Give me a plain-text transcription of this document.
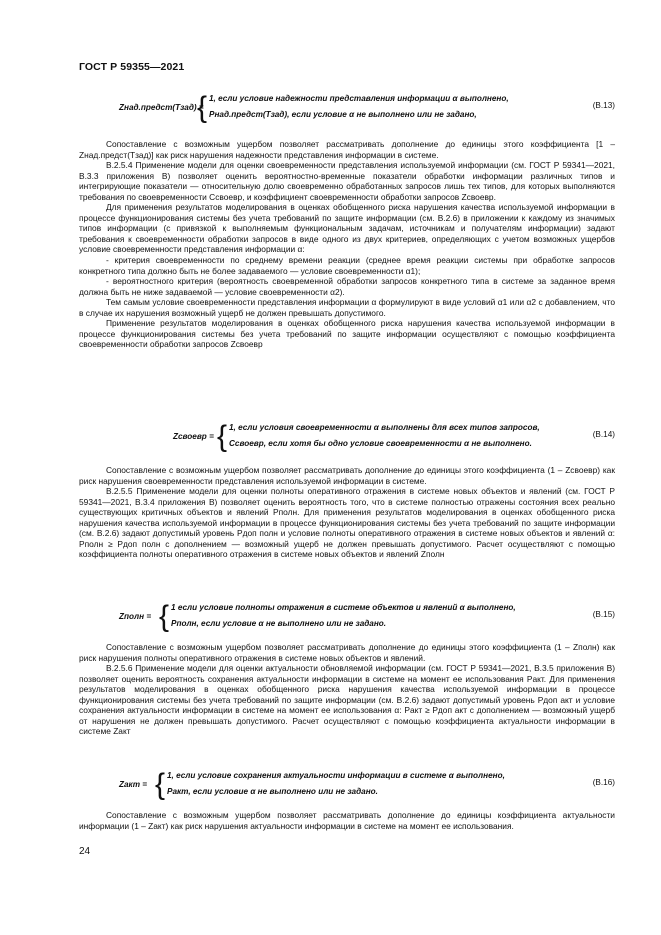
ГОСТ Р 59355—2021
Zнад.предст(Tзад) =
{ 1, если условие надежности представления информации α выполнено,
Pнад.предст(Tзад), если условие α не выполнено или не задано,
(В.13)

Сопоставление с возможным ущербом позволяет рассматривать дополнение до единицы этого коэффициента [1 – Zнад.предст(Tзад)] как риск нарушения надежности представления информации в системе.

В.2.5.4 Применение модели для оценки своевременности представления используемой информации (см. ГОСТ Р 59341—2021, В.3.3 приложения В) позволяет оценить вероятностно-временные показатели обработки информации различных типов и интегрирующие показатели — относительную долю своевременно обработанных запросов лишь тех типов, для которых выполняются требования по своевременности Cсвоевр, и коэффициент своевременности обработки запросов Zсвоевр.

Для применения результатов моделирования в оценках обобщенного риска нарушения качества используемой информации в процессе функционирования системы без учета требований по защите информации (см. В.2.6) в приложении к каждому из значимых типов информации (с привязкой к выполняемым функциональным задачам, источникам и получателям информации) задают требования к своевременности обработки запросов в виде одного из двух критериев, определяющих с учетом возможных ущербов условие своевременности представления информации α:

- критерия своевременности по среднему времени реакции (среднее время реакции системы при обработке запросов конкретного типа должно быть не более задаваемого — условие своевременности α1);

- вероятностного критерия (вероятность своевременной обработки запросов конкретного типа в системе за заданное время должна быть не ниже задаваемой — условие своевременности α2).

Тем самым условие своевременности представления информации α формулируют в виде условий α1 или α2 с добавлением, что в случае их нарушения возможный ущерб не должен превышать допустимого.

Применение результатов моделирования в оценках обобщенного риска нарушения качества используемой информации в процессе функционирования системы без учета требований по защите информации осуществляют с помощью коэффициента своевременности обработки запросов Zсвоевр

Zсвоевр = { 1, если условия своевременности α выполнены для всех типов запросов,
Cсвоевр, если хотя бы одно условие своевременности α не выполнено.
(В.14)

Сопоставление с возможным ущербом позволяет рассматривать дополнение до единицы этого коэффициента (1 – Zсвоевр) как риск нарушения своевременности представления используемой информации в системе.

В.2.5.5 Применение модели для оценки полноты оперативного отражения в системе новых объектов и явлений (см. ГОСТ Р 59341—2021, В.3.4 приложения В) позволяет оценить вероятность того, что в системе полностью отражены состояния всех реально существующих критичных объектов и явлений Pполн. Для применения результатов моделирования в оценках обобщенного риска нарушения качества используемой информации в процессе функционирования системы без учета требований по защите информации (см. В.2.6) задают допустимый уровень Pдоп полн и условие полноты оперативного отражения в системе новых объектов и явлений α: Pполн ≥ Pдоп полн с дополнением — возможный ущерб не должен превышать допустимого. Расчет осуществляют с помощью коэффициента полноты оперативного отражения в системе новых объектов и явлений Zполн

Zполн = { 1 если условие полноты отражения в системе объектов и явлений α выполнено,
Pполн, если условие α не выполнено или не задано.
(В.15)

Сопоставление с возможным ущербом позволяет рассматривать дополнение до единицы этого коэффициента (1 – Zполн) как риск нарушения полноты оперативного отражения в системе новых объектов и явлений.

В.2.5.6 Применение модели для оценки актуальности обновляемой информации (см. ГОСТ Р 59341—2021, В.3.5 приложения В) позволяет оценить вероятность сохранения актуальности информации в системе на момент ее использования Pакт. Для применения результатов моделирования в оценках обобщенного риска нарушения качества используемой информации в процессе функционирования системы без учета требований по защите информации (см. В.2.6) задают допустимый уровень Pдоп акт и условие сохранения актуальности информации в системе на момент ее использования α: Pакт ≥ Pдоп акт с дополнением — возможный ущерб от нарушения не должен превышать допустимого. Расчет осуществляют с помощью коэффициента актуальности информации в системе Zакт

Zакт = { 1, если условие сохранения актуальности информации в системе α выполнено,
Pакт, если условие α не выполнено или не задано.
(В.16)

Сопоставление с возможным ущербом позволяет рассматривать дополнение до единицы коэффициента актуальности информации (1 – Zакт) как риск нарушения актуальности информации в системе на момент ее использования.

24
